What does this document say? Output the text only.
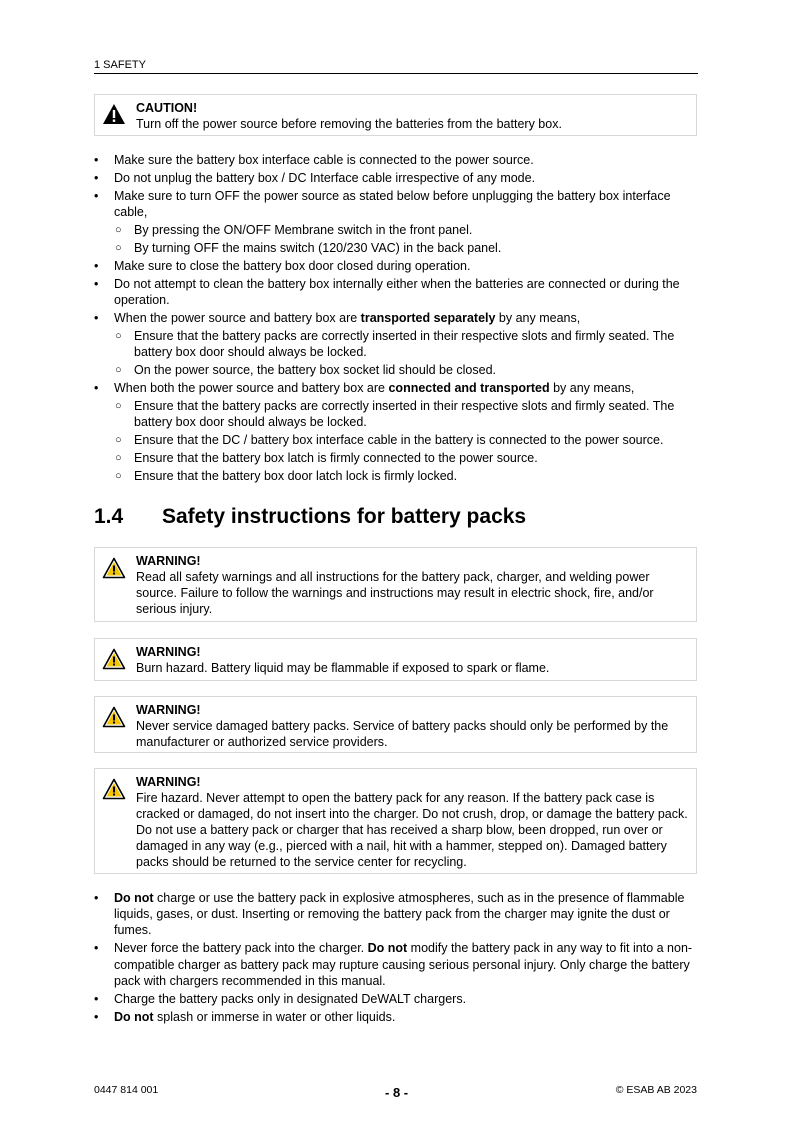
1 SAFETY
CAUTION!
Turn off the power source before removing the batteries from the battery box.
• Make sure the battery box interface cable is connected to the power source.
• Do not unplug the battery box / DC Interface cable irrespective of any mode.
• Make sure to turn OFF the power source as stated below before unplugging the battery box interface cable,
○ By pressing the ON/OFF Membrane switch in the front panel.
○ By turning OFF the mains switch (120/230 VAC) in the back panel.
• Make sure to close the battery box door closed during operation.
• Do not attempt to clean the battery box internally either when the batteries are connected or during the operation.
• When the power source and battery box are transported separately by any means,
○ Ensure that the battery packs are correctly inserted in their respective slots and firmly seated. The battery box door should always be locked.
○ On the power source, the battery box socket lid should be closed.
• When both the power source and battery box are connected and transported by any means,
○ Ensure that the battery packs are correctly inserted in their respective slots and firmly seated. The battery box door should always be locked.
○ Ensure that the DC / battery box interface cable in the battery is connected to the power source.
○ Ensure that the battery box latch is firmly connected to the power source.
○ Ensure that the battery box door latch lock is firmly locked.
1.4 Safety instructions for battery packs
WARNING!
Read all safety warnings and all instructions for the battery pack, charger, and welding power source. Failure to follow the warnings and instructions may result in electric shock, fire, and/or serious injury.
WARNING!
Burn hazard. Battery liquid may be flammable if exposed to spark or flame.
WARNING!
Never service damaged battery packs. Service of battery packs should only be performed by the manufacturer or authorized service providers.
WARNING!
Fire hazard. Never attempt to open the battery pack for any reason. If the battery pack case is cracked or damaged, do not insert into the charger. Do not crush, drop, or damage the battery pack. Do not use a battery pack or charger that has received a sharp blow, been dropped, run over or damaged in any way (e.g., pierced with a nail, hit with a hammer, stepped on). Damaged battery packs should be returned to the service center for recycling.
• Do not charge or use the battery pack in explosive atmospheres, such as in the presence of flammable liquids, gases, or dust. Inserting or removing the battery pack from the charger may ignite the dust or fumes.
• Never force the battery pack into the charger. Do not modify the battery pack in any way to fit into a non-compatible charger as battery pack may rupture causing serious personal injury. Only charge the battery pack with chargers recommended in this manual.
• Charge the battery packs only in designated DeWALT chargers.
• Do not splash or immerse in water or other liquids.
0447 814 001	- 8 -	© ESAB AB 2023
